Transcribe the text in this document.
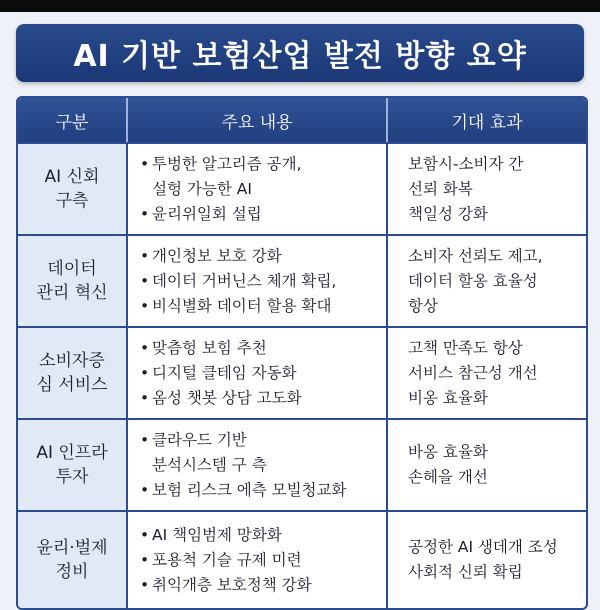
AI 기반 보험산업 발전 방향 요약
구분	주요 내용	기대 효과
AI 신회
구측
• 투벙한 알고리즘 공개,
설헝 가능한 AI
• 윤리위일회 설립
보함시-소비자 간
선뢰 화복
책일성 강화
데이터
관리 혁신
• 개인청보 보호 강화
• 데이터 거버닌스 체개 확립,
• 비식별화 데이터 할용 확대
소비자 선뢰도 제고,
데이터 할옹 효율성
항상
소비자증
심 서비스
• 맞츰헝 보힘 추천
• 디지털 클테임 자동화
• 옴성 챗봇 상담 고도화
고책 만족도 항상
서비스 참근성 개선
비옹 효율화
AI 인프라
투자
• 클라우드 기반
분석시스템 구 측
• 보험 리스크 에측 모빌청교화
바옹 효율화
손헤을 개선
윤리·벌제
정비
• AI 책임범제 망화화
• 포용척 기슬 규제 미련
• 취익개층 보호정책 강화
공정한 AI 생데개 조성
사회적 신뢰 확립
